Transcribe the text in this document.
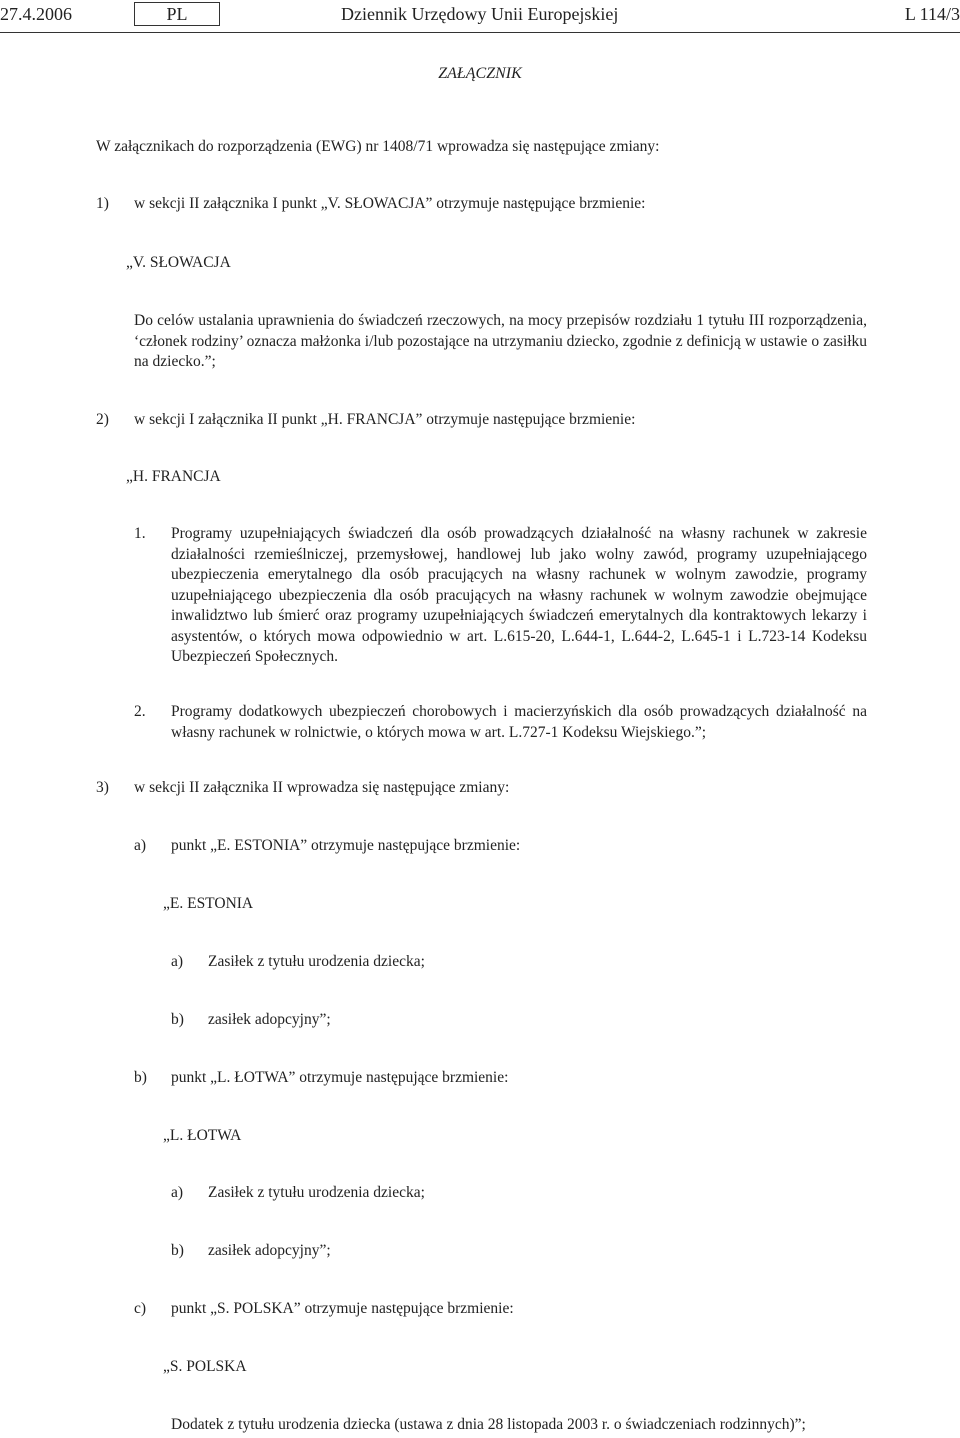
27.4.2006	PL	Dziennik Urzędowy Unii Europejskiej	L 114/3
ZAŁĄCZNIK
W załącznikach do rozporządzenia (EWG) nr 1408/71 wprowadza się następujące zmiany:
1) w sekcji II załącznika I punkt „V. SŁOWACJA” otrzymuje następujące brzmienie:
„V. SŁOWACJA
Do celów ustalania uprawnienia do świadczeń rzeczowych, na mocy przepisów rozdziału 1 tytułu III rozporządzenia, ‘członek rodziny’ oznacza małżonka i/lub pozostające na utrzymaniu dziecko, zgodnie z definicją w ustawie o zasiłku na dziecko.”;
2) w sekcji I załącznika II punkt „H. FRANCJA” otrzymuje następujące brzmienie:
„H. FRANCJA
1. Programy uzupełniających świadczeń dla osób prowadzących działalność na własny rachunek w zakresie działalności rzemieślniczej, przemysłowej, handlowej lub jako wolny zawód, programy uzupełniającego ubezpieczenia emerytalnego dla osób pracujących na własny rachunek w wolnym zawodzie, programy uzupełniającego ubezpieczenia dla osób pracujących na własny rachunek w wolnym zawodzie obejmujące inwalidztwo lub śmierć oraz programy uzupełniających świadczeń emerytalnych dla kontraktowych lekarzy i asystentów, o których mowa odpowiednio w art. L.615-20, L.644-1, L.644-2, L.645-1 i L.723-14 Kodeksu Ubezpieczeń Społecznych.
2. Programy dodatkowych ubezpieczeń chorobowych i macierzyńskich dla osób prowadzących działalność na własny rachunek w rolnictwie, o których mowa w art. L.727-1 Kodeksu Wiejskiego.”;
3) w sekcji II załącznika II wprowadza się następujące zmiany:
a) punkt „E. ESTONIA” otrzymuje następujące brzmienie:
„E. ESTONIA
a) Zasiłek z tytułu urodzenia dziecka;
b) zasiłek adopcyjny”;
b) punkt „L. ŁOTWA” otrzymuje następujące brzmienie:
„L. ŁOTWA
a) Zasiłek z tytułu urodzenia dziecka;
b) zasiłek adopcyjny”;
c) punkt „S. POLSKA” otrzymuje następujące brzmienie:
„S. POLSKA
Dodatek z tytułu urodzenia dziecka (ustawa z dnia 28 listopada 2003 r. o świadczeniach rodzinnych)”;
